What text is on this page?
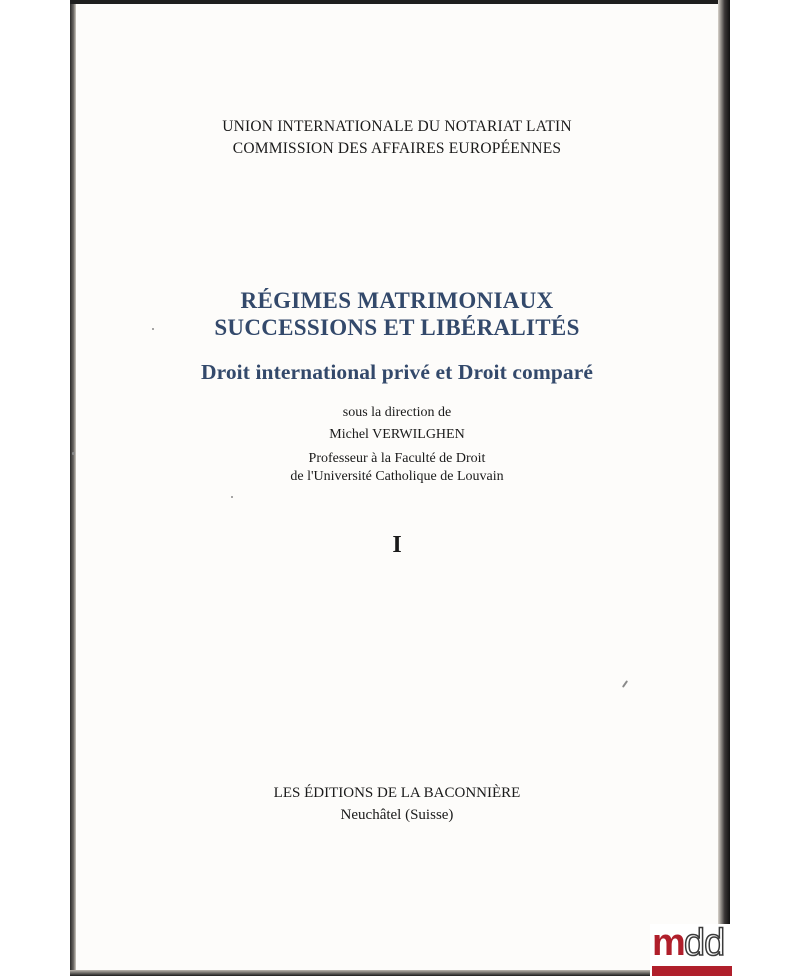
UNION INTERNATIONALE DU NOTARIAT LATIN
COMMISSION DES AFFAIRES EUROPÉENNES
RÉGIMES MATRIMONIAUX
SUCCESSIONS ET LIBÉRALITÉS
Droit international privé et Droit comparé
sous la direction de
Michel VERWILGHEN
Professeur à la Faculté de Droit
de l'Université Catholique de Louvain
I
LES ÉDITIONS DE LA BACONNIÈRE
Neuchâtel (Suisse)
m dd
